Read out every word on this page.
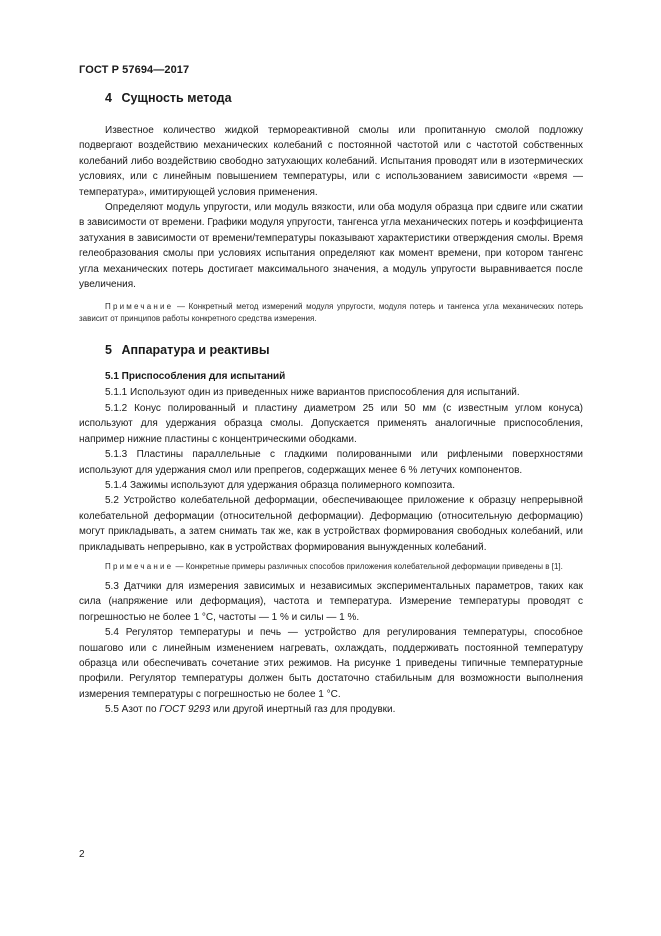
ГОСТ Р 57694—2017
4 Сущность метода

Известное количество жидкой термореактивной смолы или пропитанную смолой подложку подвергают воздействию механических колебаний с постоянной частотой или с частотой собственных колебаний либо воздействию свободно затухающих колебаний. Испытания проводят или в изотермических условиях, или с линейным повышением температуры, или с использованием зависимости «время — температура», имитирующей условия применения.

Определяют модуль упругости, или модуль вязкости, или оба модуля образца при сдвиге или сжатии в зависимости от времени. Графики модуля упругости, тангенса угла механических потерь и коэффициента затухания в зависимости от времени/температуры показывают характеристики отверждения смолы. Время гелеобразования смолы при условиях испытания определяют как момент времени, при котором тангенс угла механических потерь достигает максимального значения, а модуль упругости выравнивается после увеличения.

Примечание — Конкретный метод измерений модуля упругости, модуля потерь и тангенса угла механических потерь зависит от принципов работы конкретного средства измерения.
5 Аппаратура и реактивы
5.1 Приспособления для испытаний

5.1.1 Используют один из приведенных ниже вариантов приспособления для испытаний.

5.1.2 Конус полированный и пластину диаметром 25 или 50 мм (с известным углом конуса) используют для удержания образца смолы. Допускается применять аналогичные приспособления, например нижние пластины с концентрическими ободками.

5.1.3 Пластины параллельные с гладкими полированными или рифлеными поверхностями используют для удержания смол или препрегов, содержащих менее 6 % летучих компонентов.

5.1.4 Зажимы используют для удержания образца полимерного композита.

5.2 Устройство колебательной деформации, обеспечивающее приложение к образцу непрерывной колебательной деформации (относительной деформации). Деформацию (относительную деформацию) могут прикладывать, а затем снимать так же, как в устройствах формирования свободных колебаний, или прикладывать непрерывно, как в устройствах формирования вынужденных колебаний.

Примечание — Конкретные примеры различных способов приложения колебательной деформации приведены в [1].

5.3 Датчики для измерения зависимых и независимых экспериментальных параметров, таких как сила (напряжение или деформация), частота и температура. Измерение температуры проводят с погрешностью не более 1 °С, частоты — 1 % и силы — 1 %.

5.4 Регулятор температуры и печь — устройство для регулирования температуры, способное пошагово или с линейным изменением нагревать, охлаждать, поддерживать постоянной температуру образца или обеспечивать сочетание этих режимов. На рисунке 1 приведены типичные температурные профили. Регулятор температуры должен быть достаточно стабильным для возможности выполнения измерения температуры с погрешностью не более 1 °С.

5.5 Азот по ГОСТ 9293 или другой инертный газ для продувки.

2
